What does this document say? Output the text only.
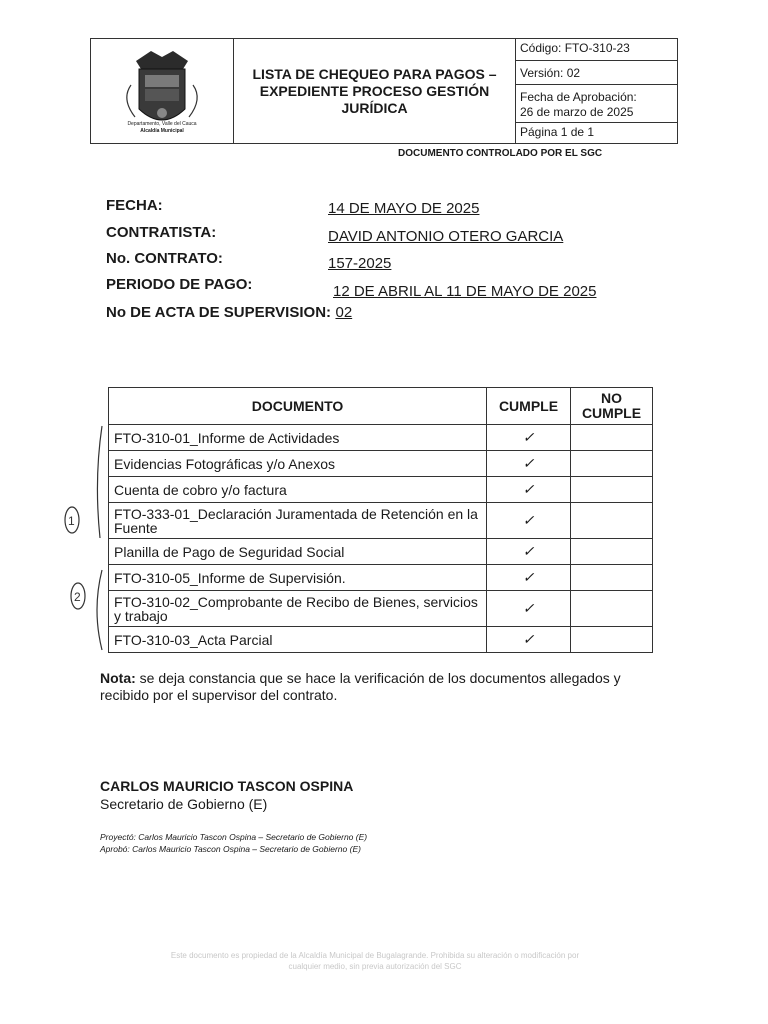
Departamento, Valle del Cauca
Alcaldía Municipal
LISTA DE CHEQUEO PARA PAGOS – EXPEDIENTE PROCESO GESTIÓN JURÍDICA
Código: FTO-310-23
Versión: 02
Fecha de Aprobación:
26 de marzo de 2025
Página 1 de 1
DOCUMENTO CONTROLADO POR EL SGC
FECHA:	14 DE MAYO DE 2025
CONTRATISTA:	DAVID ANTONIO OTERO GARCIA
No. CONTRATO:	157-2025
PERIODO DE PAGO:	12 DE ABRIL AL 11 DE MAYO DE 2025
No DE ACTA DE SUPERVISION: 02
DOCUMENTO	CUMPLE	NO CUMPLE
FTO-310-01_Informe de Actividades	✓	
Evidencias Fotográficas y/o Anexos	✓	
Cuenta de cobro y/o factura	✓	
FTO-333-01_Declaración Juramentada de Retención en la Fuente	✓	
Planilla de Pago de Seguridad Social	✓	
FTO-310-05_Informe de Supervisión.	✓	
FTO-310-02_Comprobante de Recibo de Bienes, servicios y trabajo	✓	
FTO-310-03_Acta Parcial	✓	
1
2
Nota: se deja constancia que se hace la verificación de los documentos allegados y recibido por el supervisor del contrato.
CARLOS MAURICIO TASCON OSPINA
Secretario de Gobierno (E)
Proyectó: Carlos Mauricio Tascon Ospina – Secretario de Gobierno (E)
Aprobó: Carlos Mauricio Tascon Ospina – Secretario de Gobierno (E)
Este documento es propiedad de la Alcaldía Municipal de Bugalagrande. Prohibida su alteración o modificación por
cualquier medio, sin previa autorización del SGC
